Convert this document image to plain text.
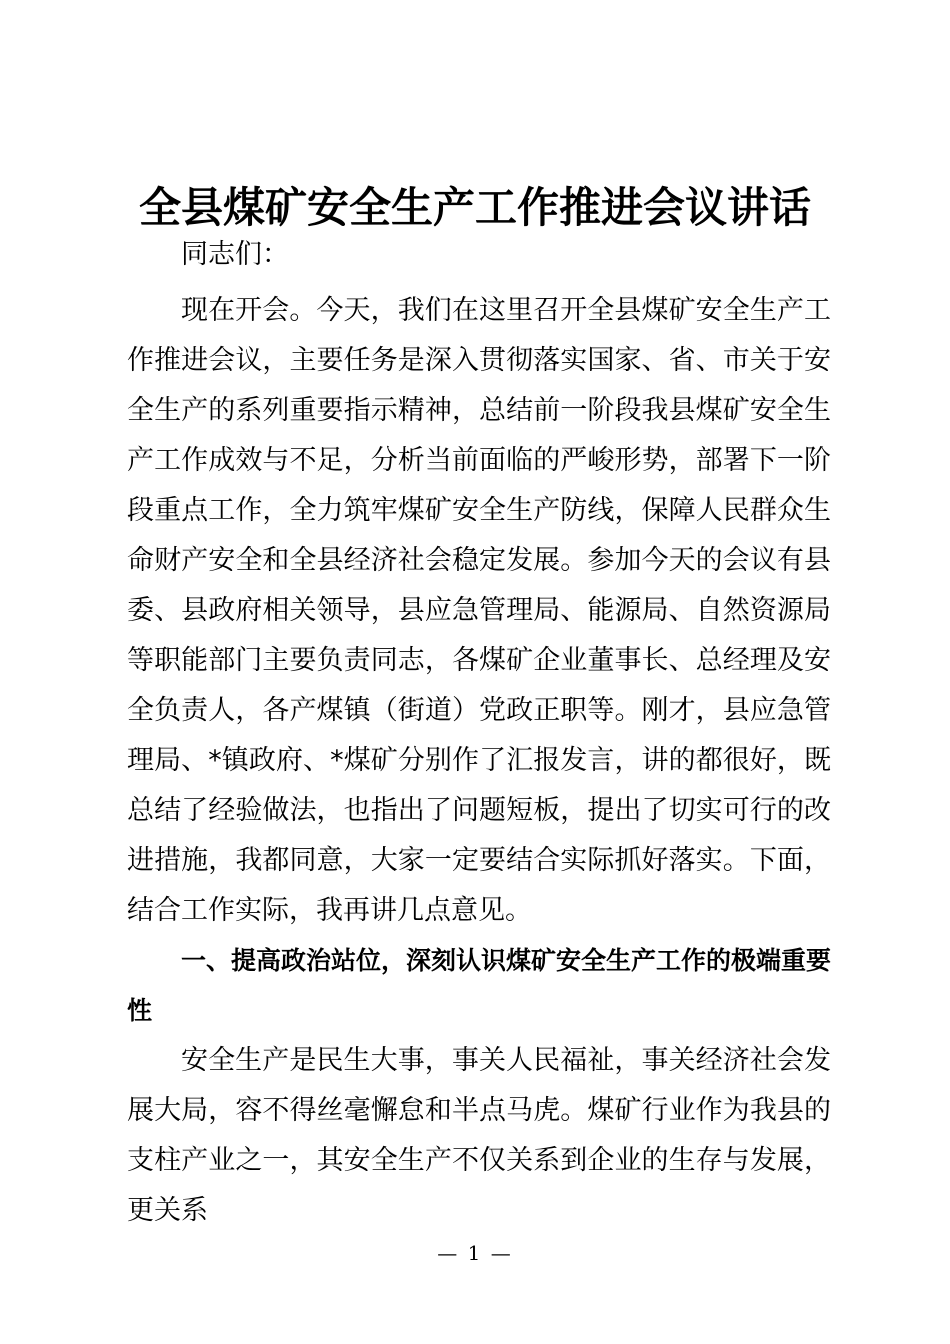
全县煤矿安全生产工作推进会议讲话

同志们：

现在开会。今天，我们在这里召开全县煤矿安全生产工作推进会议，主要任务是深入贯彻落实国家、省、市关于安全生产的系列重要指示精神，总结前一阶段我县煤矿安全生产工作成效与不足，分析当前面临的严峻形势，部署下一阶段重点工作，全力筑牢煤矿安全生产防线，保障人民群众生命财产安全和全县经济社会稳定发展。参加今天的会议有县委、县政府相关领导，县应急管理局、能源局、自然资源局等职能部门主要负责同志，各煤矿企业董事长、总经理及安全负责人，各产煤镇（街道）党政正职等。刚才，县应急管理局、*镇政府、*煤矿分别作了汇报发言，讲的都很好，既总结了经验做法，也指出了问题短板，提出了切实可行的改进措施，我都同意，大家一定要结合实际抓好落实。下面，结合工作实际，我再讲几点意见。

一、提高政治站位，深刻认识煤矿安全生产工作的极端重要性

安全生产是民生大事，事关人民福祉，事关经济社会发展大局，容不得丝毫懈怠和半点马虎。煤矿行业作为我县的支柱产业之一，其安全生产不仅关系到企业的生存与发展，更关系

— 1 —
